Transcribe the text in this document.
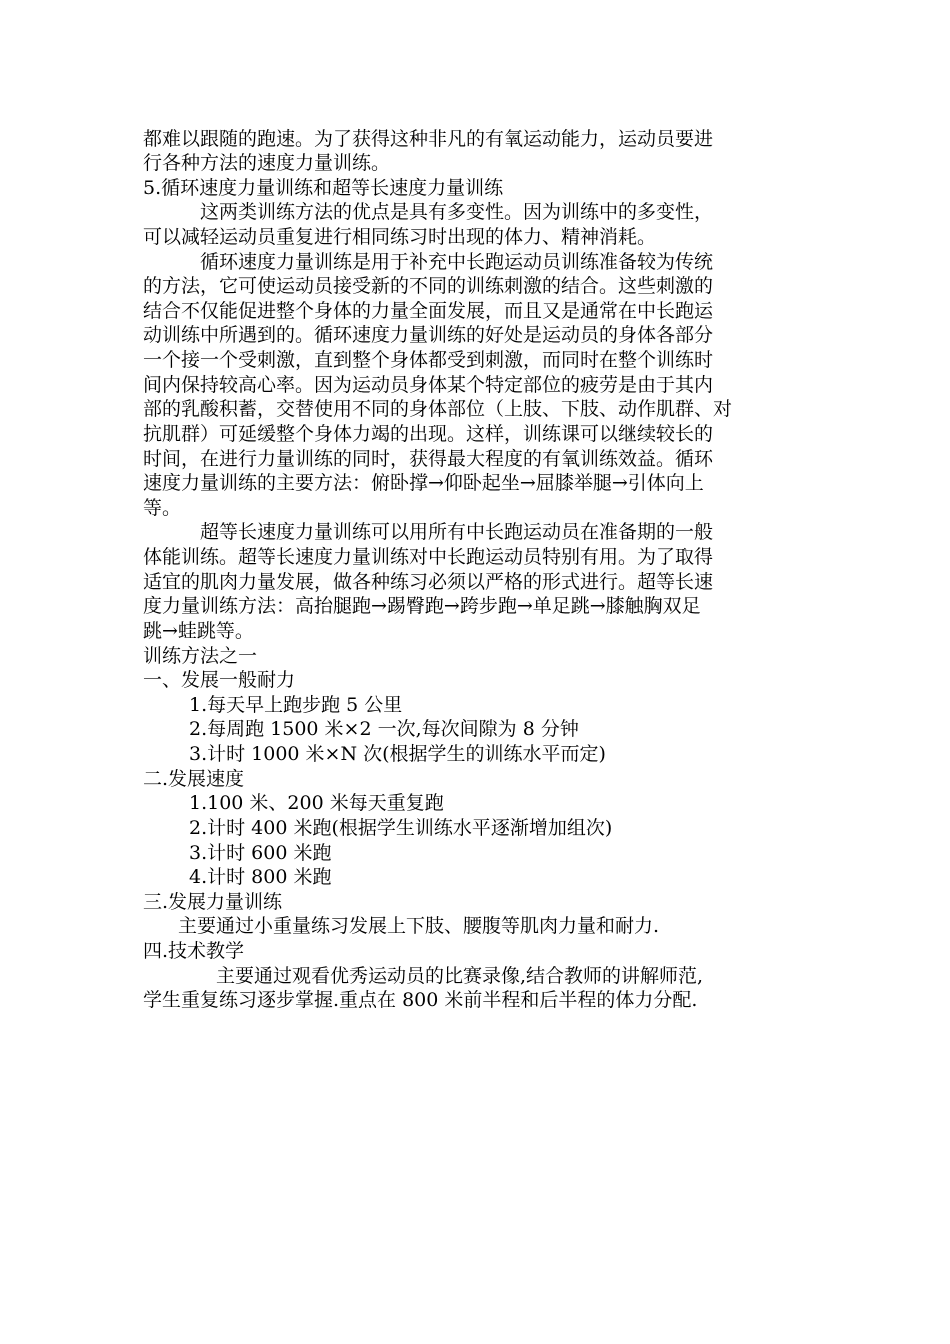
都难以跟随的跑速。为了获得这种非凡的有氧运动能力，运动员要进
行各种方法的速度力量训练。
5.循环速度力量训练和超等长速度力量训练
这两类训练方法的优点是具有多变性。因为训练中的多变性，
可以减轻运动员重复进行相同练习时出现的体力、精神消耗。
循环速度力量训练是用于补充中长跑运动员训练准备较为传统
的方法，它可使运动员接受新的不同的训练刺激的结合。这些刺激的
结合不仅能促进整个身体的力量全面发展，而且又是通常在中长跑运
动训练中所遇到的。循环速度力量训练的好处是运动员的身体各部分
一个接一个受刺激，直到整个身体都受到刺激，而同时在整个训练时
间内保持较高心率。因为运动员身体某个特定部位的疲劳是由于其内
部的乳酸积蓄，交替使用不同的身体部位（上肢、下肢、动作肌群、对
抗肌群）可延缓整个身体力竭的出现。这样，训练课可以继续较长的
时间，在进行力量训练的同时，获得最大程度的有氧训练效益。循环
速度力量训练的主要方法：俯卧撑→仰卧起坐→屈膝举腿→引体向上
等。
超等长速度力量训练可以用所有中长跑运动员在准备期的一般
体能训练。超等长速度力量训练对中长跑运动员特别有用。为了取得
适宜的肌肉力量发展，做各种练习必须以严格的形式进行。超等长速
度力量训练方法：高抬腿跑→踢臀跑→跨步跑→单足跳→膝触胸双足
跳→蛙跳等。
训练方法之一
一、发展一般耐力
1.每天早上跑步跑 5 公里
2.每周跑 1500 米×2 一次,每次间隙为 8 分钟
3.计时 1000 米×N 次(根据学生的训练水平而定)
二.发展速度
1.100 米、200 米每天重复跑
2.计时 400 米跑(根据学生训练水平逐渐增加组次)
3.计时 600 米跑
4.计时 800 米跑
三.发展力量训练
主要通过小重量练习发展上下肢、腰腹等肌肉力量和耐力.
四.技术教学
主要通过观看优秀运动员的比赛录像,结合教师的讲解师范,
学生重复练习逐步掌握.重点在 800 米前半程和后半程的体力分配.
